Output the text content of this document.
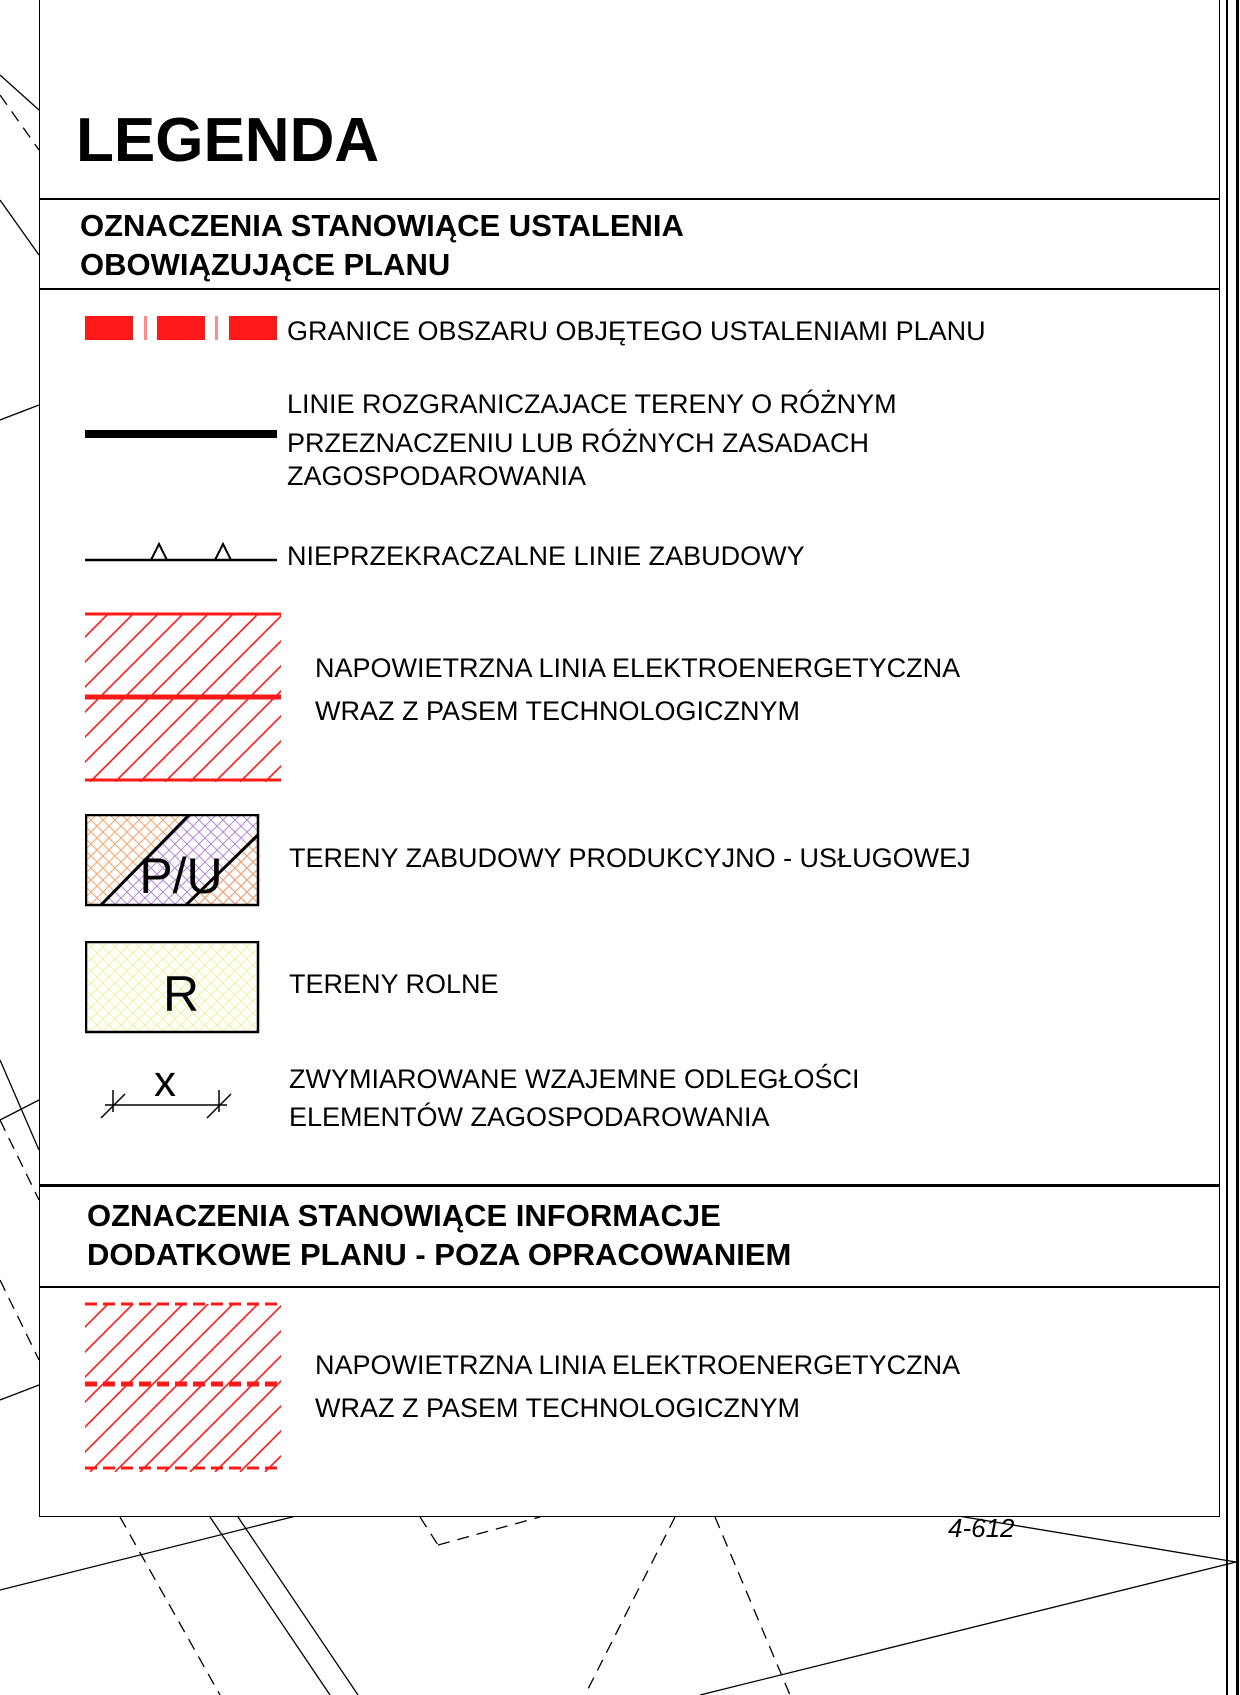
LEGENDA
OZNACZENIA STANOWIĄCE USTALENIA
OBOWIĄZUJĄCE PLANU
GRANICE OBSZARU OBJĘTEGO USTALENIAMI PLANU
LINIE ROZGRANICZAJACE TERENY O RÓŻNYM
PRZEZNACZENIU LUB RÓŻNYCH ZASADACH
ZAGOSPODAROWANIA
NIEPRZEKRACZALNE LINIE ZABUDOWY
NAPOWIETRZNA LINIA ELEKTROENERGETYCZNA
WRAZ Z PASEM TECHNOLOGICZNYM
P/U TERENY ZABUDOWY PRODUKCYJNO - USŁUGOWEJ
R	TERENY ROLNE
x	ZWYMIAROWANE WZAJEMNE ODLEGŁOŚCI
ELEMENTÓW ZAGOSPODAROWANIA
OZNACZENIA STANOWIĄCE INFORMACJE
DODATKOWE PLANU - POZA OPRACOWANIEM
NAPOWIETRZNA LINIA ELEKTROENERGETYCZNA
WRAZ Z PASEM TECHNOLOGICZNYM
4-612
